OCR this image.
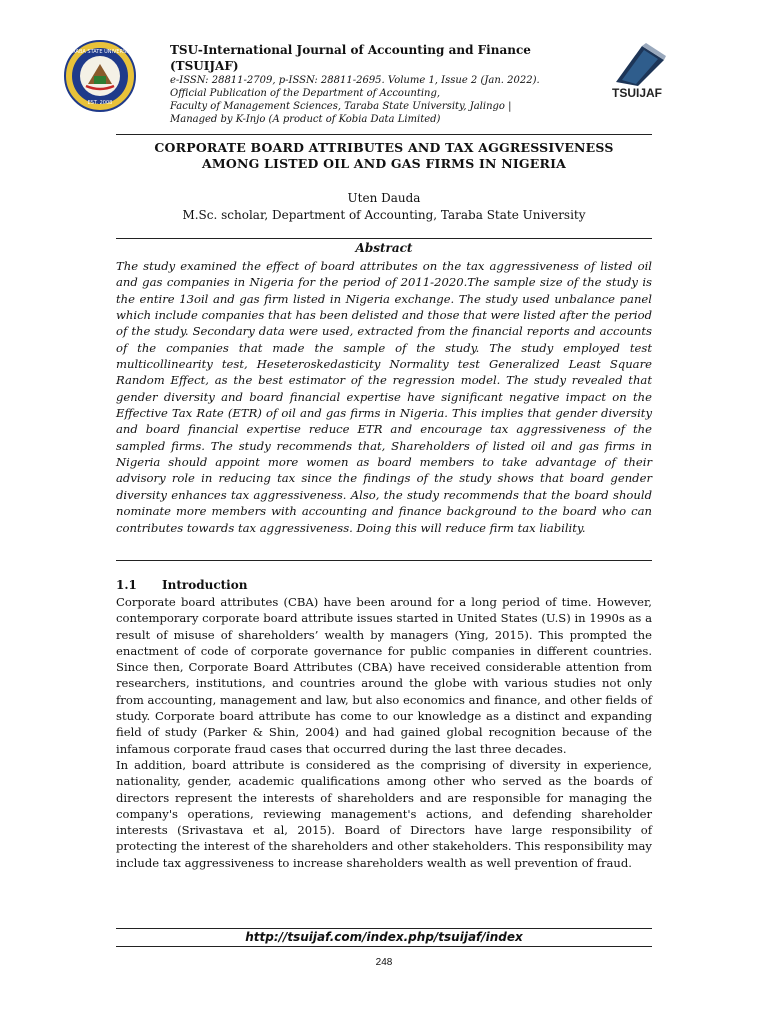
TARABA STATE UNIVERSITY
EST. 2008

TSU-International Journal of Accounting and Finance (TSUIJAF)

e-ISSN: 28811-2709, p-ISSN: 28811-2695. Volume 1, Issue 2 (Jan. 2022).

Official Publication of the Department of Accounting,

Faculty of Management Sciences, Taraba State University, Jalingo |

Managed by K-Injo (A product of Kobia Data Limited)

TSUIJAF
CORPORATE BOARD ATTRIBUTES AND TAX AGGRESSIVENESS
AMONG LISTED OIL AND GAS FIRMS IN NIGERIA
Uten Dauda
M.Sc. scholar, Department of Accounting, Taraba State University
Abstract

The study examined the effect of board attributes on the tax aggressiveness of listed oil and gas companies in Nigeria for the period of 2011-2020.The sample size of the study is the entire 13oil and gas firm listed in Nigeria exchange. The study used unbalance panel which include companies that has been delisted and those that were listed after the period of the study. Secondary data were used, extracted from the financial reports and accounts of the companies that made the sample of the study. The study employed test multicollinearity test, Heseteroskedasticity Normality test Generalized Least Square Random Effect, as the best estimator of the regression model. The study revealed that gender diversity and board financial expertise have significant negative impact on the Effective Tax Rate (ETR) of oil and gas firms in Nigeria. This implies that gender diversity and board financial expertise reduce ETR and encourage tax aggressiveness of the sampled firms. The study recommends that, Shareholders of listed oil and gas firms in Nigeria should appoint more women as board members to take advantage of their advisory role in reducing tax since the findings of the study shows that board gender diversity enhances tax aggressiveness. Also, the study recommends that the board should nominate more members with accounting and finance background to the board who can contributes towards tax aggressiveness. Doing this will reduce firm tax liability.

1.1 Introduction

Corporate board attributes (CBA) have been around for a long period of time. However, contemporary corporate board attribute issues started in United States (U.S) in 1990s as a result of misuse of shareholders’ wealth by managers (Ying, 2015). This prompted the enactment of code of corporate governance for public companies in different countries. Since then, Corporate Board Attributes (CBA) have received considerable attention from researchers, institutions, and countries around the globe with various studies not only from accounting, management and law, but also economics and finance, and other fields of study. Corporate board attribute has come to our knowledge as a distinct and expanding field of study (Parker & Shin, 2004) and had gained global recognition because of the infamous corporate fraud cases that occurred during the last three decades.

In addition, board attribute is considered as the comprising of diversity in experience, nationality, gender, academic qualifications among other who served as the boards of directors represent the interests of shareholders and are responsible for managing the company's operations, reviewing management's actions, and defending shareholder interests (Srivastava et al, 2015). Board of Directors have large responsibility of protecting the interest of the shareholders and other stakeholders. This responsibility may include tax aggressiveness to increase shareholders wealth as well prevention of fraud.

http://tsuijaf.com/index.php/tsuijaf/index
248
